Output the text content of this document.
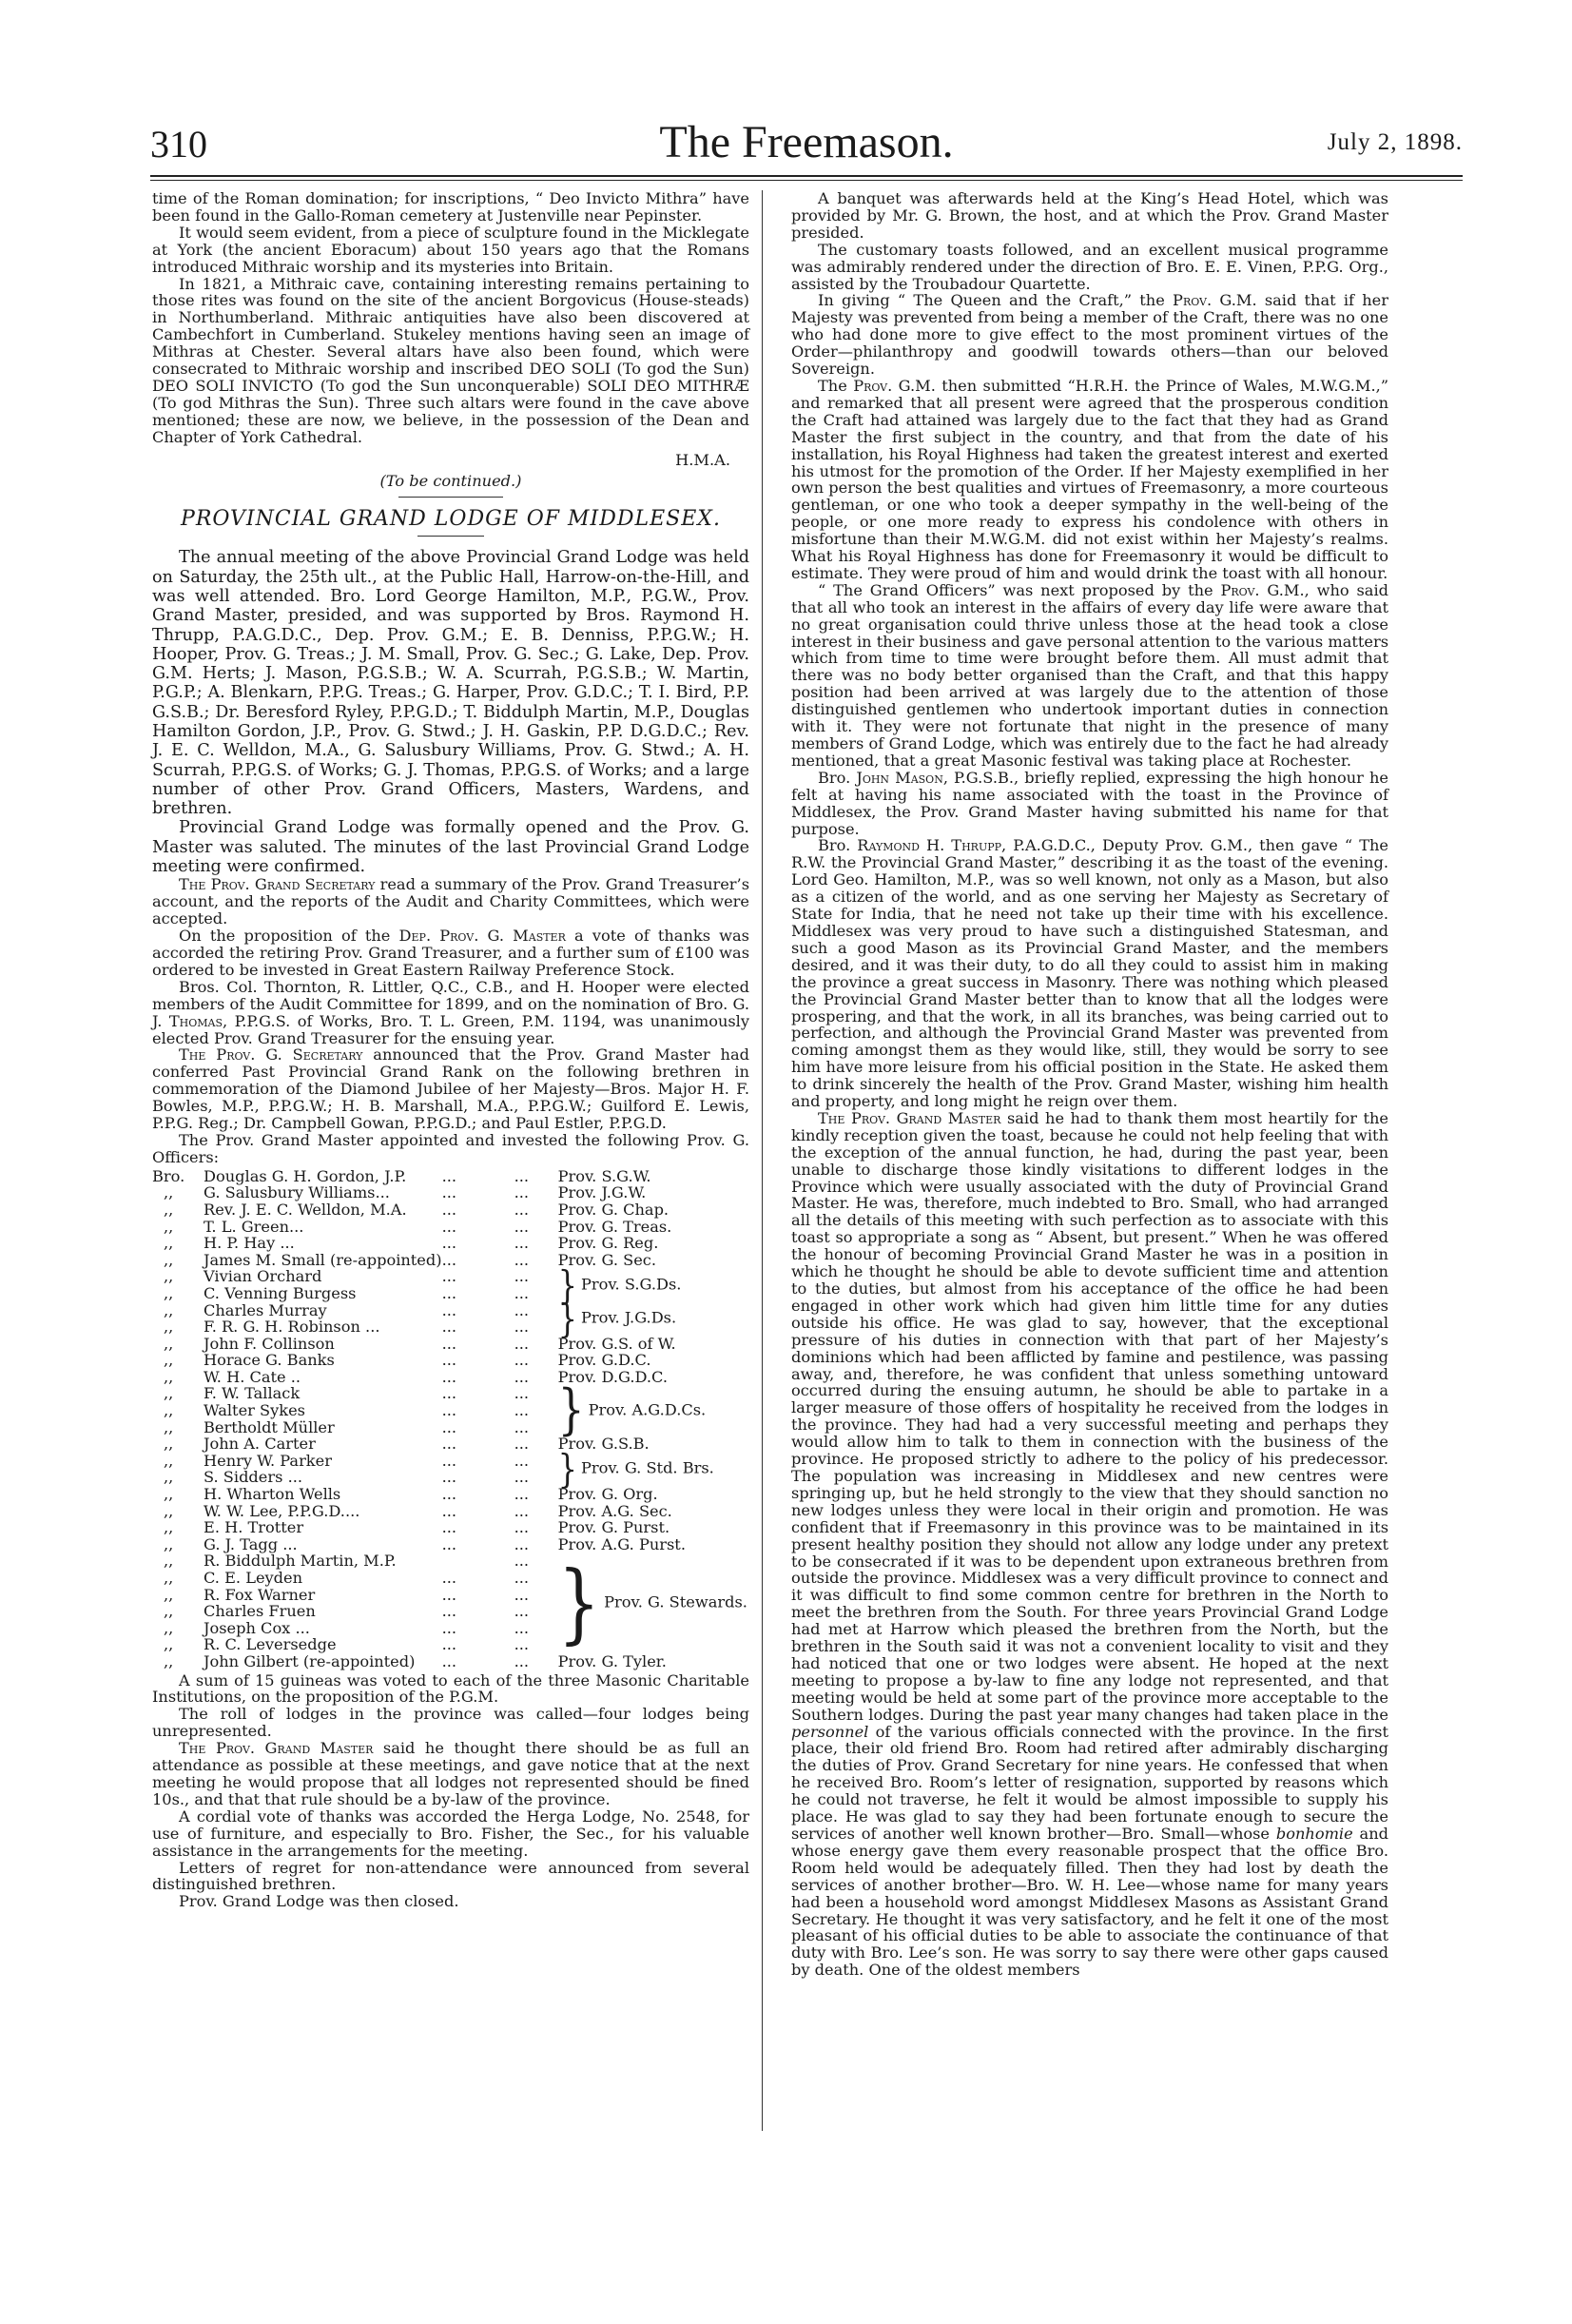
310	The Freemason.	July 2, 1898.

time of the Roman domination; for inscriptions, “ Deo Invicto Mithra” have been found in the Gallo-Roman cemetery at Justenville near Pepinster.

It would seem evident, from a piece of sculpture found in the Micklegate at York (the ancient Eboracum) about 150 years ago that the Romans introduced Mithraic worship and its mysteries into Britain.

In 1821, a Mithraic cave, containing interesting remains pertaining to those rites was found on the site of the ancient Borgovicus (House-steads) in Northumberland. Mithraic antiquities have also been discovered at Cambechfort in Cumberland. Stukeley mentions having seen an image of Mithras at Chester. Several altars have also been found, which were consecrated to Mithraic worship and inscribed DEO SOLI (To god the Sun) DEO SOLI INVICTO (To god the Sun unconquerable) SOLI DEO MITHRÆ (To god Mithras the Sun). Three such altars were found in the cave above mentioned; these are now, we believe, in the possession of the Dean and Chapter of York Cathedral.

H.M.A.
(To be continued.)
PROVINCIAL GRAND LODGE OF MIDDLESEX.

The annual meeting of the above Provincial Grand Lodge was held on Saturday, the 25th ult., at the Public Hall, Harrow-on-the-Hill, and was well attended. Bro. Lord George Hamilton, M.P., P.G.W., Prov. Grand Master, presided, and was supported by Bros. Raymond H. Thrupp, P.A.G.D.C., Dep. Prov. G.M.; E. B. Denniss, P.P.G.W.; H. Hooper, Prov. G. Treas.; J. M. Small, Prov. G. Sec.; G. Lake, Dep. Prov. G.M. Herts; J. Mason, P.G.S.B.; W. A. Scurrah, P.G.S.B.; W. Martin, P.G.P.; A. Blenkarn, P.P.G. Treas.; G. Harper, Prov. G.D.C.; T. I. Bird, P.P. G.S.B.; Dr. Beresford Ryley, P.P.G.D.; T. Biddulph Martin, M.P., Douglas Hamilton Gordon, J.P., Prov. G. Stwd.; J. H. Gaskin, P.P. D.G.D.C.; Rev. J. E. C. Welldon, M.A., G. Salusbury Williams, Prov. G. Stwd.; A. H. Scurrah, P.P.G.S. of Works; G. J. Thomas, P.P.G.S. of Works; and a large number of other Prov. Grand Officers, Masters, Wardens, and brethren.

Provincial Grand Lodge was formally opened and the Prov. G. Master was saluted. The minutes of the last Provincial Grand Lodge meeting were confirmed.

The Prov. Grand Secretary read a summary of the Prov. Grand Treasurer’s account, and the reports of the Audit and Charity Committees, which were accepted.

On the proposition of the Dep. Prov. G. Master a vote of thanks was accorded the retiring Prov. Grand Treasurer, and a further sum of £100 was ordered to be invested in Great Eastern Railway Preference Stock.

Bros. Col. Thornton, R. Littler, Q.C., C.B., and H. Hooper were elected members of the Audit Committee for 1899, and on the nomination of Bro. G. J. Thomas, P.P.G.S. of Works, Bro. T. L. Green, P.M. 1194, was unanimously elected Prov. Grand Treasurer for the ensuing year.

The Prov. G. Secretary announced that the Prov. Grand Master had conferred Past Provincial Grand Rank on the following brethren in commemoration of the Diamond Jubilee of her Majesty—Bros. Major H. F. Bowles, M.P., P.P.G.W.; H. B. Marshall, M.A., P.P.G.W.; Guilford E. Lewis, P.P.G. Reg.; Dr. Campbell Gowan, P.P.G.D.; and Paul Estler, P.P.G.D.

The Prov. Grand Master appointed and invested the following Prov. G. Officers:

Bro.	Douglas G. H. Gordon, J.P.	...	...	Prov. S.G.W.
,,	G. Salusbury Williams...	...	...	Prov. J.G.W.
,,	Rev. J. E. C. Welldon, M.A.	...	...	Prov. G. Chap.
,,	T. L. Green...	...	...	Prov. G. Treas.
,,	H. P. Hay ...	...	...	Prov. G. Reg.
,,	James M. Small (re-appointed)	...	...	Prov. G. Sec.
,,	Vivian Orchard	...	...	} Prov. S.G.Ds.
,,	C. Venning Burgess	...	...	
,,	Charles Murray	...	...	} Prov. J.G.Ds.
,,	F. R. G. H. Robinson ...	...	...	
,,	John F. Collinson	...	...	Prov. G.S. of W.
,,	Horace G. Banks	...	...	Prov. G.D.C.
,,	W. H. Cate ..	...	...	Prov. D.G.D.C.
,,	F. W. Tallack	...	...	} Prov. A.G.D.Cs.
,,	Walter Sykes	...	...	
,,	Bertholdt Müller	...	...	
,,	John A. Carter	...	...	Prov. G.S.B.
,,	Henry W. Parker	...	...	} Prov. G. Std. Brs.
,,	S. Sidders ...	...	...	
,,	H. Wharton Wells	...	...	Prov. G. Org.
,,	W. W. Lee, P.P.G.D....	...	...	Prov. A.G. Sec.
,,	E. H. Trotter	...	...	Prov. G. Purst.
,,	G. J. Tagg ...	...	...	Prov. A.G. Purst.
,,	R. Biddulph Martin, M.P.		...	} Prov. G. Stewards.
,,	C. E. Leyden	...	...	
,,	R. Fox Warner	...	...	
,,	Charles Fruen	...	...	
,,	Joseph Cox ...	...	...	
,,	R. C. Leversedge	...	...	
,,	John Gilbert (re-appointed)	...	...	Prov. G. Tyler.

A sum of 15 guineas was voted to each of the three Masonic Charitable Institutions, on the proposition of the P.G.M.

The roll of lodges in the province was called—four lodges being unrepresented.

The Prov. Grand Master said he thought there should be as full an attendance as possible at these meetings, and gave notice that at the next meeting he would propose that all lodges not represented should be fined 10s., and that that rule should be a by-law of the province.

A cordial vote of thanks was accorded the Herga Lodge, No. 2548, for use of furniture, and especially to Bro. Fisher, the Sec., for his valuable assistance in the arrangements for the meeting.

Letters of regret for non-attendance were announced from several distinguished brethren.

Prov. Grand Lodge was then closed.

A banquet was afterwards held at the King’s Head Hotel, which was provided by Mr. G. Brown, the host, and at which the Prov. Grand Master presided.

The customary toasts followed, and an excellent musical programme was admirably rendered under the direction of Bro. E. E. Vinen, P.P.G. Org., assisted by the Troubadour Quartette.

In giving “ The Queen and the Craft,” the Prov. G.M. said that if her Majesty was prevented from being a member of the Craft, there was no one who had done more to give effect to the most prominent virtues of the Order—philanthropy and goodwill towards others—than our beloved Sovereign.

The Prov. G.M. then submitted “H.R.H. the Prince of Wales, M.W.G.M.,” and remarked that all present were agreed that the prosperous condition the Craft had attained was largely due to the fact that they had as Grand Master the first subject in the country, and that from the date of his installation, his Royal Highness had taken the greatest interest and exerted his utmost for the promotion of the Order. If her Majesty exemplified in her own person the best qualities and virtues of Freemasonry, a more courteous gentleman, or one who took a deeper sympathy in the well-being of the people, or one more ready to express his condolence with others in misfortune than their M.W.G.M. did not exist within her Majesty’s realms. What his Royal Highness has done for Freemasonry it would be difficult to estimate. They were proud of him and would drink the toast with all honour.

“ The Grand Officers” was next proposed by the Prov. G.M., who said that all who took an interest in the affairs of every day life were aware that no great organisation could thrive unless those at the head took a close interest in their business and gave personal attention to the various matters which from time to time were brought before them. All must admit that there was no body better organised than the Craft, and that this happy position had been arrived at was largely due to the attention of those distinguished gentlemen who undertook important duties in connection with it. They were not fortunate that night in the presence of many members of Grand Lodge, which was entirely due to the fact he had already mentioned, that a great Masonic festival was taking place at Rochester.

Bro. John Mason, P.G.S.B., briefly replied, expressing the high honour he felt at having his name associated with the toast in the Province of Middlesex, the Prov. Grand Master having submitted his name for that purpose.

Bro. Raymond H. Thrupp, P.A.G.D.C., Deputy Prov. G.M., then gave “ The R.W. the Provincial Grand Master,” describing it as the toast of the evening. Lord Geo. Hamilton, M.P., was so well known, not only as a Mason, but also as a citizen of the world, and as one serving her Majesty as Secretary of State for India, that he need not take up their time with his excellence. Middlesex was very proud to have such a distinguished Statesman, and such a good Mason as its Provincial Grand Master, and the members desired, and it was their duty, to do all they could to assist him in making the province a great success in Masonry. There was nothing which pleased the Provincial Grand Master better than to know that all the lodges were prospering, and that the work, in all its branches, was being carried out to perfection, and although the Provincial Grand Master was prevented from coming amongst them as they would like, still, they would be sorry to see him have more leisure from his official position in the State. He asked them to drink sincerely the health of the Prov. Grand Master, wishing him health and property, and long might he reign over them.

The Prov. Grand Master said he had to thank them most heartily for the kindly reception given the toast, because he could not help feeling that with the exception of the annual function, he had, during the past year, been unable to discharge those kindly visitations to different lodges in the Province which were usually associated with the duty of Provincial Grand Master. He was, therefore, much indebted to Bro. Small, who had arranged all the details of this meeting with such perfection as to associate with this toast so appropriate a song as “ Absent, but present.” When he was offered the honour of becoming Provincial Grand Master he was in a position in which he thought he should be able to devote sufficient time and attention to the duties, but almost from his acceptance of the office he had been engaged in other work which had given him little time for any duties outside his office. He was glad to say, however, that the exceptional pressure of his duties in connection with that part of her Majesty’s dominions which had been afflicted by famine and pestilence, was passing away, and, therefore, he was confident that unless something untoward occurred during the ensuing autumn, he should be able to partake in a larger measure of those offers of hospitality he received from the lodges in the province. They had had a very successful meeting and perhaps they would allow him to talk to them in connection with the business of the province. He proposed strictly to adhere to the policy of his predecessor. The population was increasing in Middlesex and new centres were springing up, but he held strongly to the view that they should sanction no new lodges unless they were local in their origin and promotion. He was confident that if Freemasonry in this province was to be maintained in its present healthy position they should not allow any lodge under any pretext to be consecrated if it was to be dependent upon extraneous brethren from outside the province. Middlesex was a very difficult province to connect and it was difficult to find some common centre for brethren in the North to meet the brethren from the South. For three years Provincial Grand Lodge had met at Harrow which pleased the brethren from the North, but the brethren in the South said it was not a convenient locality to visit and they had noticed that one or two lodges were absent. He hoped at the next meeting to propose a by-law to fine any lodge not represented, and that meeting would be held at some part of the province more acceptable to the Southern lodges. During the past year many changes had taken place in the personnel of the various officials connected with the province. In the first place, their old friend Bro. Room had retired after admirably discharging the duties of Prov. Grand Secretary for nine years. He confessed that when he received Bro. Room’s letter of resignation, supported by reasons which he could not traverse, he felt it would be almost impossible to supply his place. He was glad to say they had been fortunate enough to secure the services of another well known brother—Bro. Small—whose bonhomie and whose energy gave them every reasonable prospect that the office Bro. Room held would be adequately filled. Then they had lost by death the services of another brother—Bro. W. H. Lee—whose name for many years had been a household word amongst Middlesex Masons as Assistant Grand Secretary. He thought it was very satisfactory, and he felt it one of the most pleasant of his official duties to be able to associate the continuance of that duty with Bro. Lee’s son. He was sorry to say there were other gaps caused by death. One of the oldest members
